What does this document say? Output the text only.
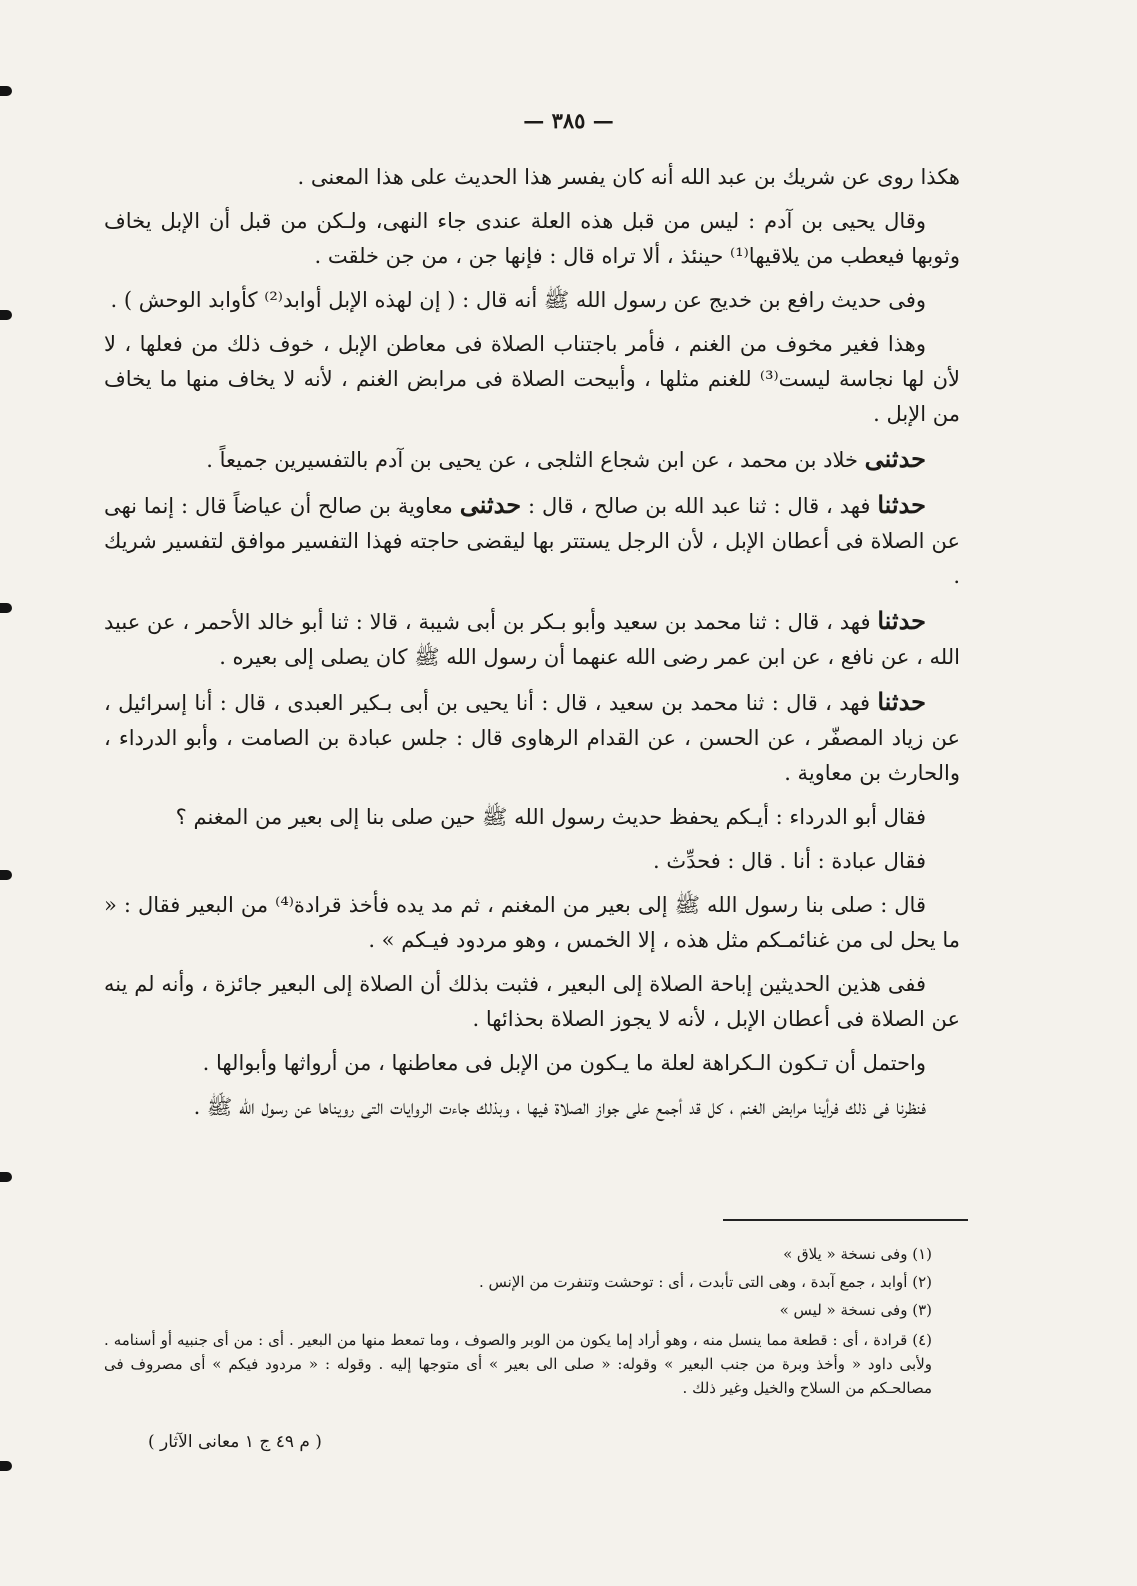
— ٣٨٥ —

هكذا روى عن شريك بن عبد الله أنه كان يفسر هذا الحديث على هذا المعنى .

وقال يحيى بن آدم : ليس من قبل هذه العلة عندى جاء النهى، ولـكن من قبل أن الإبل يخاف وثوبها فيعطب من يلاقيها⁽¹⁾ حينئذ ، ألا تراه قال : فإنها جن ، من جن خلقت .

وفى حديث رافع بن خديج عن رسول الله ﷺ أنه قال : ( إن لهذه الإبل أوابد⁽²⁾ كأوابد الوحش ) .

وهذا فغير مخوف من الغنم ، فأمر باجتناب الصلاة فى معاطن الإبل ، خوف ذلك من فعلها ، لا لأن لها نجاسة ليست⁽³⁾ للغنم مثلها ، وأبيحت الصلاة فى مرابض الغنم ، لأنه لا يخاف منها ما يخاف من الإبل .

حدثنى خلاد بن محمد ، عن ابن شجاع الثلجى ، عن يحيى بن آدم بالتفسيرين جميعاً .

حدثنا فهد ، قال : ثنا عبد الله بن صالح ، قال : حدثنى معاوية بن صالح أن عياضاً قال : إنما نهى عن الصلاة فى أعطان الإبل ، لأن الرجل يستتر بها ليقضى حاجته فهذا التفسير موافق لتفسير شريك .

حدثنا فهد ، قال : ثنا محمد بن سعيد وأبو بـكر بن أبى شيبة ، قالا : ثنا أبو خالد الأحمر ، عن عبيد الله ، عن نافع ، عن ابن عمر رضى الله عنهما أن رسول الله ﷺ كان يصلى إلى بعيره .

حدثنا فهد ، قال : ثنا محمد بن سعيد ، قال : أنا يحيى بن أبى بـكير العبدى ، قال : أنا إسرائيل ، عن زياد المصفّر ، عن الحسن ، عن القدام الرهاوى قال : جلس عبادة بن الصامت ، وأبو الدرداء ، والحارث بن معاوية .

فقال أبو الدرداء : أيـكم يحفظ حديث رسول الله ﷺ حين صلى بنا إلى بعير من المغنم ؟

فقال عبادة : أنا . قال : فحدِّث .

قال : صلى بنا رسول الله ﷺ إلى بعير من المغنم ، ثم مد يده فأخذ قرادة⁽⁴⁾ من البعير فقال : « ما يحل لى من غنائمـكم مثل هذه ، إلا الخمس ، وهو مردود فيـكم » .

ففى هذين الحديثين إباحة الصلاة إلى البعير ، فثبت بذلك أن الصلاة إلى البعير جائزة ، وأنه لم ينه عن الصلاة فى أعطان الإبل ، لأنه لا يجوز الصلاة بحذائها .

واحتمل أن تـكون الـكراهة لعلة ما يـكون من الإبل فى معاطنها ، من أرواثها وأبوالها .

فنظرنا فى ذلك فرأينا مرابض الغنم ، كل قد أجمع على جواز الصلاة فيها ، وبذلك جاءت الروايات التى رويناها عن رسول الله ﷺ .

(١) وفى نسخة « يلاق »
(٢) أوابد ، جمع آبدة ، وهى التى تأبدت ، أى : توحشت وتنفرت من الإنس .
(٣) وفى نسخة « ليس »
(٤) قرادة ، أى : قطعة مما ينسل منه ، وهو أراد إما يكون من الوبر والصوف ، وما تمعط منها من البعير . أى : من أى جنبيه أو أسنامه . ولأبى داود « وأخذ وبرة من جنب البعير » وقوله: « صلى الى بعير » أى متوجها إليه . وقوله : « مردود فيكم » أى مصروف فى مصالحـكم من السلاح والخيل وغير ذلك .
( م ٤٩ ج ١ معانى الآثار )
